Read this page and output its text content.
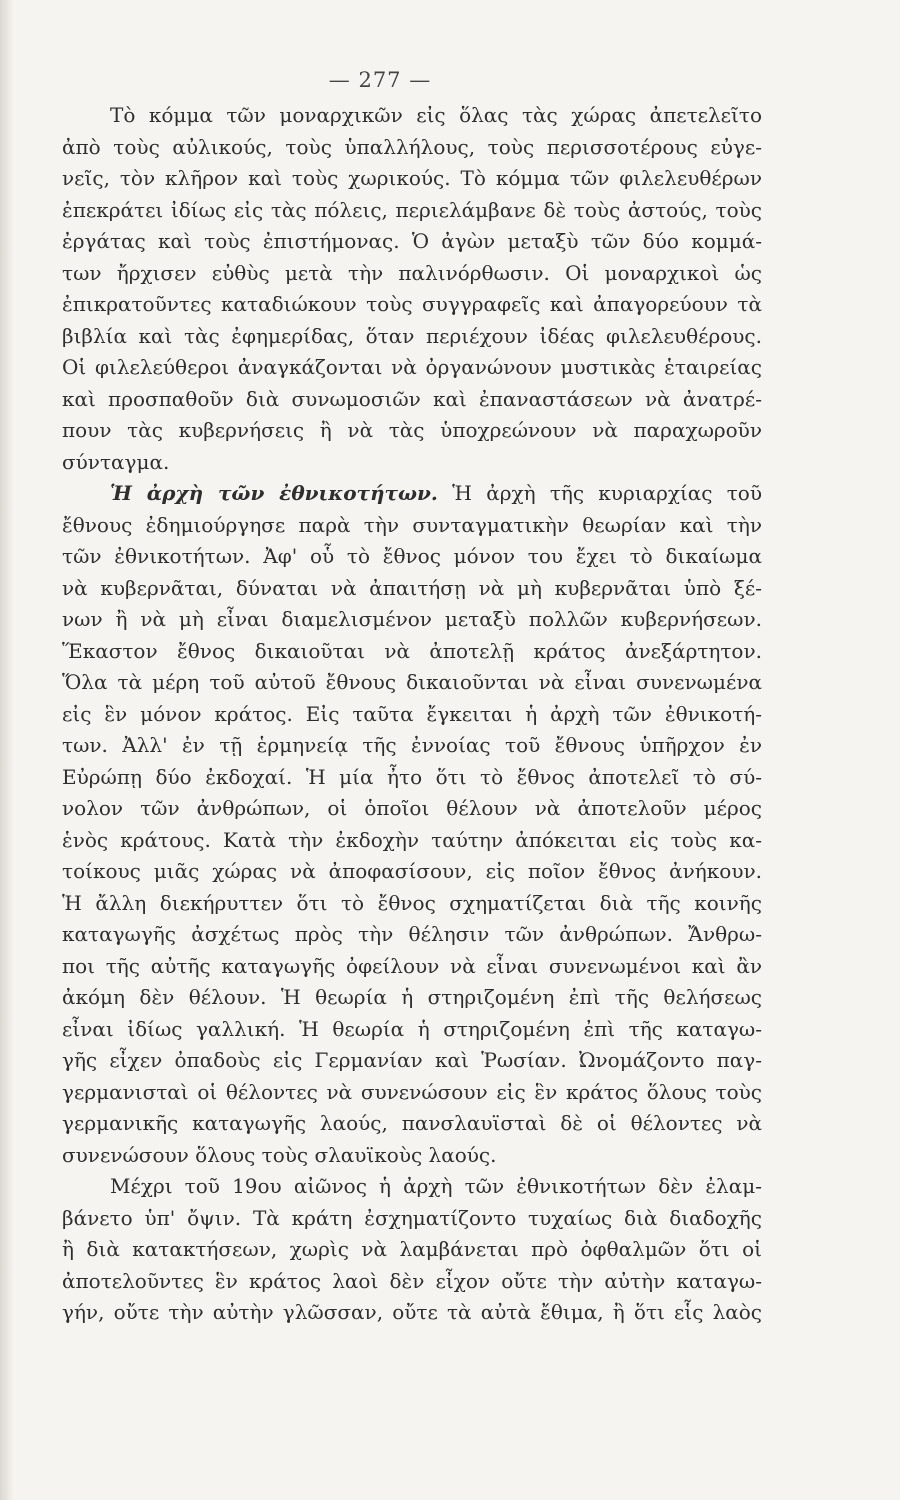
— 277 —
Τὸ κόμμα τῶν μοναρχικῶν εἰς ὅλας τὰς χώρας ἀπετελεῖτο
ἀπὸ τοὺς αὐλικούς, τοὺς ὑπαλλήλους, τοὺς περισσοτέρους εὐγε-
νεῖς, τὸν κλῆρον καὶ τοὺς χωρικούς. Τὸ κόμμα τῶν φιλελευθέρων
ἐπεκράτει ἰδίως εἰς τὰς πόλεις, περιελάμβανε δὲ τοὺς ἀστούς, τοὺς
ἐργάτας καὶ τοὺς ἐπιστήμονας. Ὁ ἀγὼν μεταξὺ τῶν δύο κομμά-
των ἤρχισεν εὐθὺς μετὰ τὴν παλινόρθωσιν. Οἱ μοναρχικοὶ ὡς
ἐπικρατοῦντες καταδιώκουν τοὺς συγγραφεῖς καὶ ἀπαγορεύουν τὰ
βιβλία καὶ τὰς ἐφημερίδας, ὅταν περιέχουν ἰδέας φιλελευθέρους.
Οἱ φιλελεύθεροι ἀναγκάζονται νὰ ὀργανώνουν μυστικὰς ἑταιρείας
καὶ προσπαθοῦν διὰ συνωμοσιῶν καὶ ἐπαναστάσεων νὰ ἀνατρέ-
πουν τὰς κυβερνήσεις ἢ νὰ τὰς ὑποχρεώνουν νὰ παραχωροῦν
σύνταγμα.
Ἡ ἀρχὴ τῶν ἐθνικοτήτων. Ἡ ἀρχὴ τῆς κυριαρχίας τοῦ
ἔθνους ἐδημιούργησε παρὰ τὴν συνταγματικὴν θεωρίαν καὶ τὴν
τῶν ἐθνικοτήτων. Ἀφ' οὗ τὸ ἔθνος μόνον του ἔχει τὸ δικαίωμα
νὰ κυβερνᾶται, δύναται νὰ ἀπαιτήσῃ νὰ μὴ κυβερνᾶται ὑπὸ ξέ-
νων ἢ νὰ μὴ εἶναι διαμελισμένον μεταξὺ πολλῶν κυβερνήσεων.
Ἕκαστον ἔθνος δικαιοῦται νὰ ἀποτελῇ κράτος ἀνεξάρτητον.
Ὅλα τὰ μέρη τοῦ αὐτοῦ ἔθνους δικαιοῦνται νὰ εἶναι συνενωμένα
εἰς ἓν μόνον κράτος. Εἰς ταῦτα ἔγκειται ἡ ἀρχὴ τῶν ἐθνικοτή-
των. Ἀλλ' ἐν τῇ ἑρμηνείᾳ τῆς ἐννοίας τοῦ ἔθνους ὑπῆρχον ἐν
Εὐρώπῃ δύο ἐκδοχαί. Ἡ μία ἦτο ὅτι τὸ ἔθνος ἀποτελεῖ τὸ σύ-
νολον τῶν ἀνθρώπων, οἱ ὁποῖοι θέλουν νὰ ἀποτελοῦν μέρος
ἑνὸς κράτους. Κατὰ τὴν ἐκδοχὴν ταύτην ἀπόκειται εἰς τοὺς κα-
τοίκους μιᾶς χώρας νὰ ἀποφασίσουν, εἰς ποῖον ἔθνος ἀνήκουν.
Ἡ ἄλλη διεκήρυττεν ὅτι τὸ ἔθνος σχηματίζεται διὰ τῆς κοινῆς
καταγωγῆς ἀσχέτως πρὸς τὴν θέλησιν τῶν ἀνθρώπων. Ἄνθρω-
ποι τῆς αὐτῆς καταγωγῆς ὀφείλουν νὰ εἶναι συνενωμένοι καὶ ἂν
ἀκόμη δὲν θέλουν. Ἡ θεωρία ἡ στηριζομένη ἐπὶ τῆς θελήσεως
εἶναι ἰδίως γαλλική. Ἡ θεωρία ἡ στηριζομένη ἐπὶ τῆς καταγω-
γῆς εἶχεν ὀπαδοὺς εἰς Γερμανίαν καὶ Ῥωσίαν. Ὠνομάζοντο παγ-
γερμανισταὶ οἱ θέλοντες νὰ συνενώσουν εἰς ἓν κράτος ὅλους τοὺς
γερμανικῆς καταγωγῆς λαούς, πανσλαυϊσταὶ δὲ οἱ θέλοντες νὰ
συνενώσουν ὅλους τοὺς σλαυϊκοὺς λαούς.
Μέχρι τοῦ 19ου αἰῶνος ἡ ἀρχὴ τῶν ἐθνικοτήτων δὲν ἐλαμ-
βάνετο ὑπ' ὄψιν. Τὰ κράτη ἐσχηματίζοντο τυχαίως διὰ διαδοχῆς
ἢ διὰ κατακτήσεων, χωρὶς νὰ λαμβάνεται πρὸ ὀφθαλμῶν ὅτι οἱ
ἀποτελοῦντες ἓν κράτος λαοὶ δὲν εἶχον οὔτε τὴν αὐτὴν καταγω-
γήν, οὔτε τὴν αὐτὴν γλῶσσαν, οὔτε τὰ αὐτὰ ἔθιμα, ἢ ὅτι εἷς λαὸς
